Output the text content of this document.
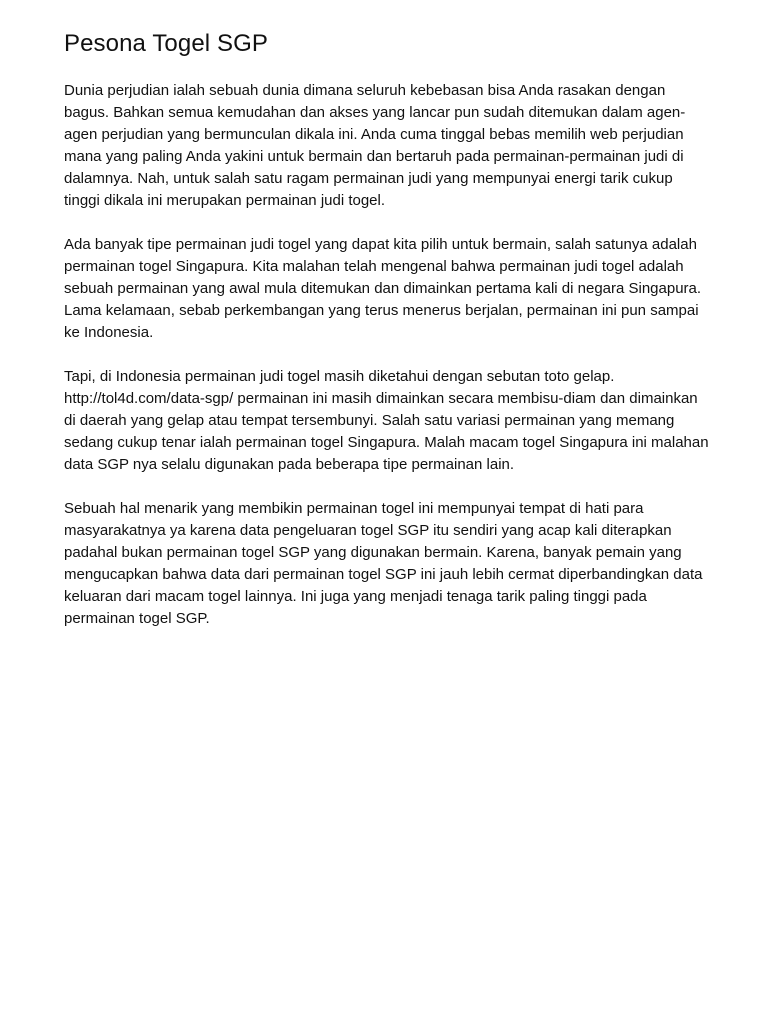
Pesona Togel SGP

Dunia perjudian ialah sebuah dunia dimana seluruh kebebasan bisa Anda rasakan dengan bagus. Bahkan semua kemudahan dan akses yang lancar pun sudah ditemukan dalam agen-agen perjudian yang bermunculan dikala ini. Anda cuma tinggal bebas memilih web perjudian mana yang paling Anda yakini untuk bermain dan bertaruh pada permainan-permainan judi di dalamnya. Nah, untuk salah satu ragam permainan judi yang mempunyai energi tarik cukup tinggi dikala ini merupakan permainan judi togel.

Ada banyak tipe permainan judi togel yang dapat kita pilih untuk bermain, salah satunya adalah permainan togel Singapura. Kita malahan telah mengenal bahwa permainan judi togel adalah sebuah permainan yang awal mula ditemukan dan dimainkan pertama kali di negara Singapura. Lama kelamaan, sebab perkembangan yang terus menerus berjalan, permainan ini pun sampai ke Indonesia.

Tapi, di Indonesia permainan judi togel masih diketahui dengan sebutan toto gelap. http://tol4d.com/data-sgp/ permainan ini masih dimainkan secara membisu-diam dan dimainkan di daerah yang gelap atau tempat tersembunyi. Salah satu variasi permainan yang memang sedang cukup tenar ialah permainan togel Singapura. Malah macam togel Singapura ini malahan data SGP nya selalu digunakan pada beberapa tipe permainan lain.

Sebuah hal menarik yang membikin permainan togel ini mempunyai tempat di hati para masyarakatnya ya karena data pengeluaran togel SGP itu sendiri yang acap kali diterapkan padahal bukan permainan togel SGP yang digunakan bermain. Karena, banyak pemain yang mengucapkan bahwa data dari permainan togel SGP ini jauh lebih cermat diperbandingkan data keluaran dari macam togel lainnya. Ini juga yang menjadi tenaga tarik paling tinggi pada permainan togel SGP.
